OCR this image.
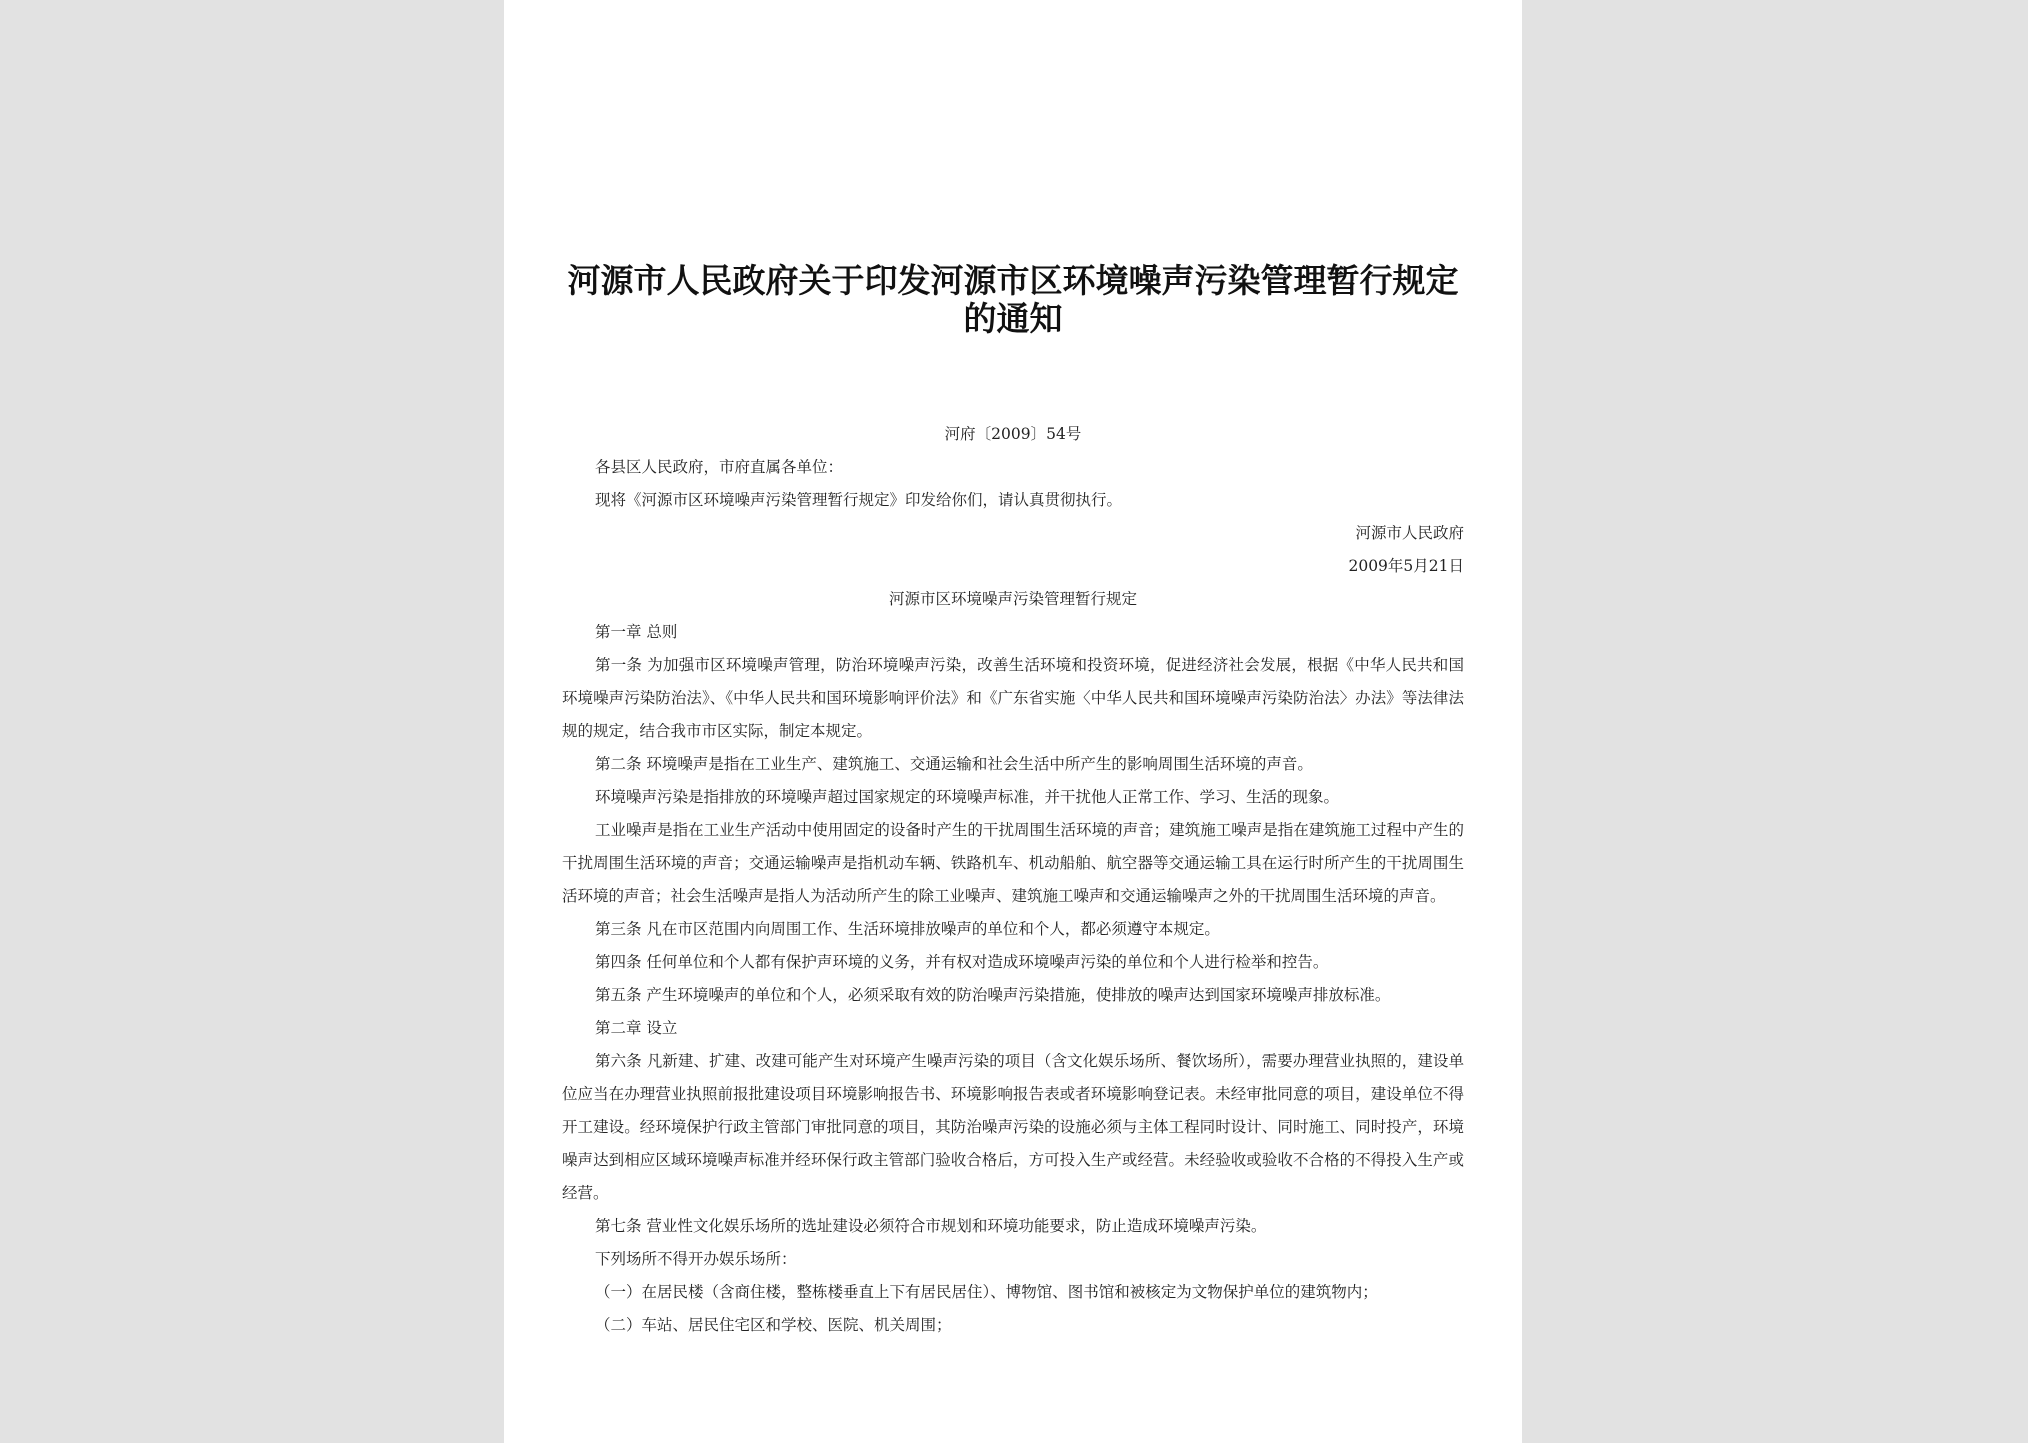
河源市人民政府关于印发河源市区环境噪声污染管理暂行规定的通知
河府〔2009〕54号
各县区人民政府，市府直属各单位：
现将《河源市区环境噪声污染管理暂行规定》印发给你们，请认真贯彻执行。
河源市人民政府
2009年5月21日
河源市区环境噪声污染管理暂行规定
第一章 总则
第一条 为加强市区环境噪声管理，防治环境噪声污染，改善生活环境和投资环境，促进经济社会发展，根据《中华人民共和国环境噪声污染防治法》、《中华人民共和国环境影响评价法》和《广东省实施〈中华人民共和国环境噪声污染防治法〉办法》等法律法规的规定，结合我市市区实际，制定本规定。
第二条 环境噪声是指在工业生产、建筑施工、交通运输和社会生活中所产生的影响周围生活环境的声音。
环境噪声污染是指排放的环境噪声超过国家规定的环境噪声标准，并干扰他人正常工作、学习、生活的现象。
工业噪声是指在工业生产活动中使用固定的设备时产生的干扰周围生活环境的声音；建筑施工噪声是指在建筑施工过程中产生的干扰周围生活环境的声音；交通运输噪声是指机动车辆、铁路机车、机动船舶、航空器等交通运输工具在运行时所产生的干扰周围生活环境的声音；社会生活噪声是指人为活动所产生的除工业噪声、建筑施工噪声和交通运输噪声之外的干扰周围生活环境的声音。
第三条 凡在市区范围内向周围工作、生活环境排放噪声的单位和个人，都必须遵守本规定。
第四条 任何单位和个人都有保护声环境的义务，并有权对造成环境噪声污染的单位和个人进行检举和控告。
第五条 产生环境噪声的单位和个人，必须采取有效的防治噪声污染措施，使排放的噪声达到国家环境噪声排放标准。
第二章 设立
第六条 凡新建、扩建、改建可能产生对环境产生噪声污染的项目（含文化娱乐场所、餐饮场所），需要办理营业执照的，建设单位应当在办理营业执照前报批建设项目环境影响报告书、环境影响报告表或者环境影响登记表。未经审批同意的项目，建设单位不得开工建设。经环境保护行政主管部门审批同意的项目，其防治噪声污染的设施必须与主体工程同时设计、同时施工、同时投产，环境噪声达到相应区域环境噪声标准并经环保行政主管部门验收合格后，方可投入生产或经营。未经验收或验收不合格的不得投入生产或经营。
第七条 营业性文化娱乐场所的选址建设必须符合市规划和环境功能要求，防止造成环境噪声污染。
下列场所不得开办娱乐场所：
（一）在居民楼（含商住楼，整栋楼垂直上下有居民居住）、博物馆、图书馆和被核定为文物保护单位的建筑物内；
（二）车站、居民住宅区和学校、医院、机关周围；
